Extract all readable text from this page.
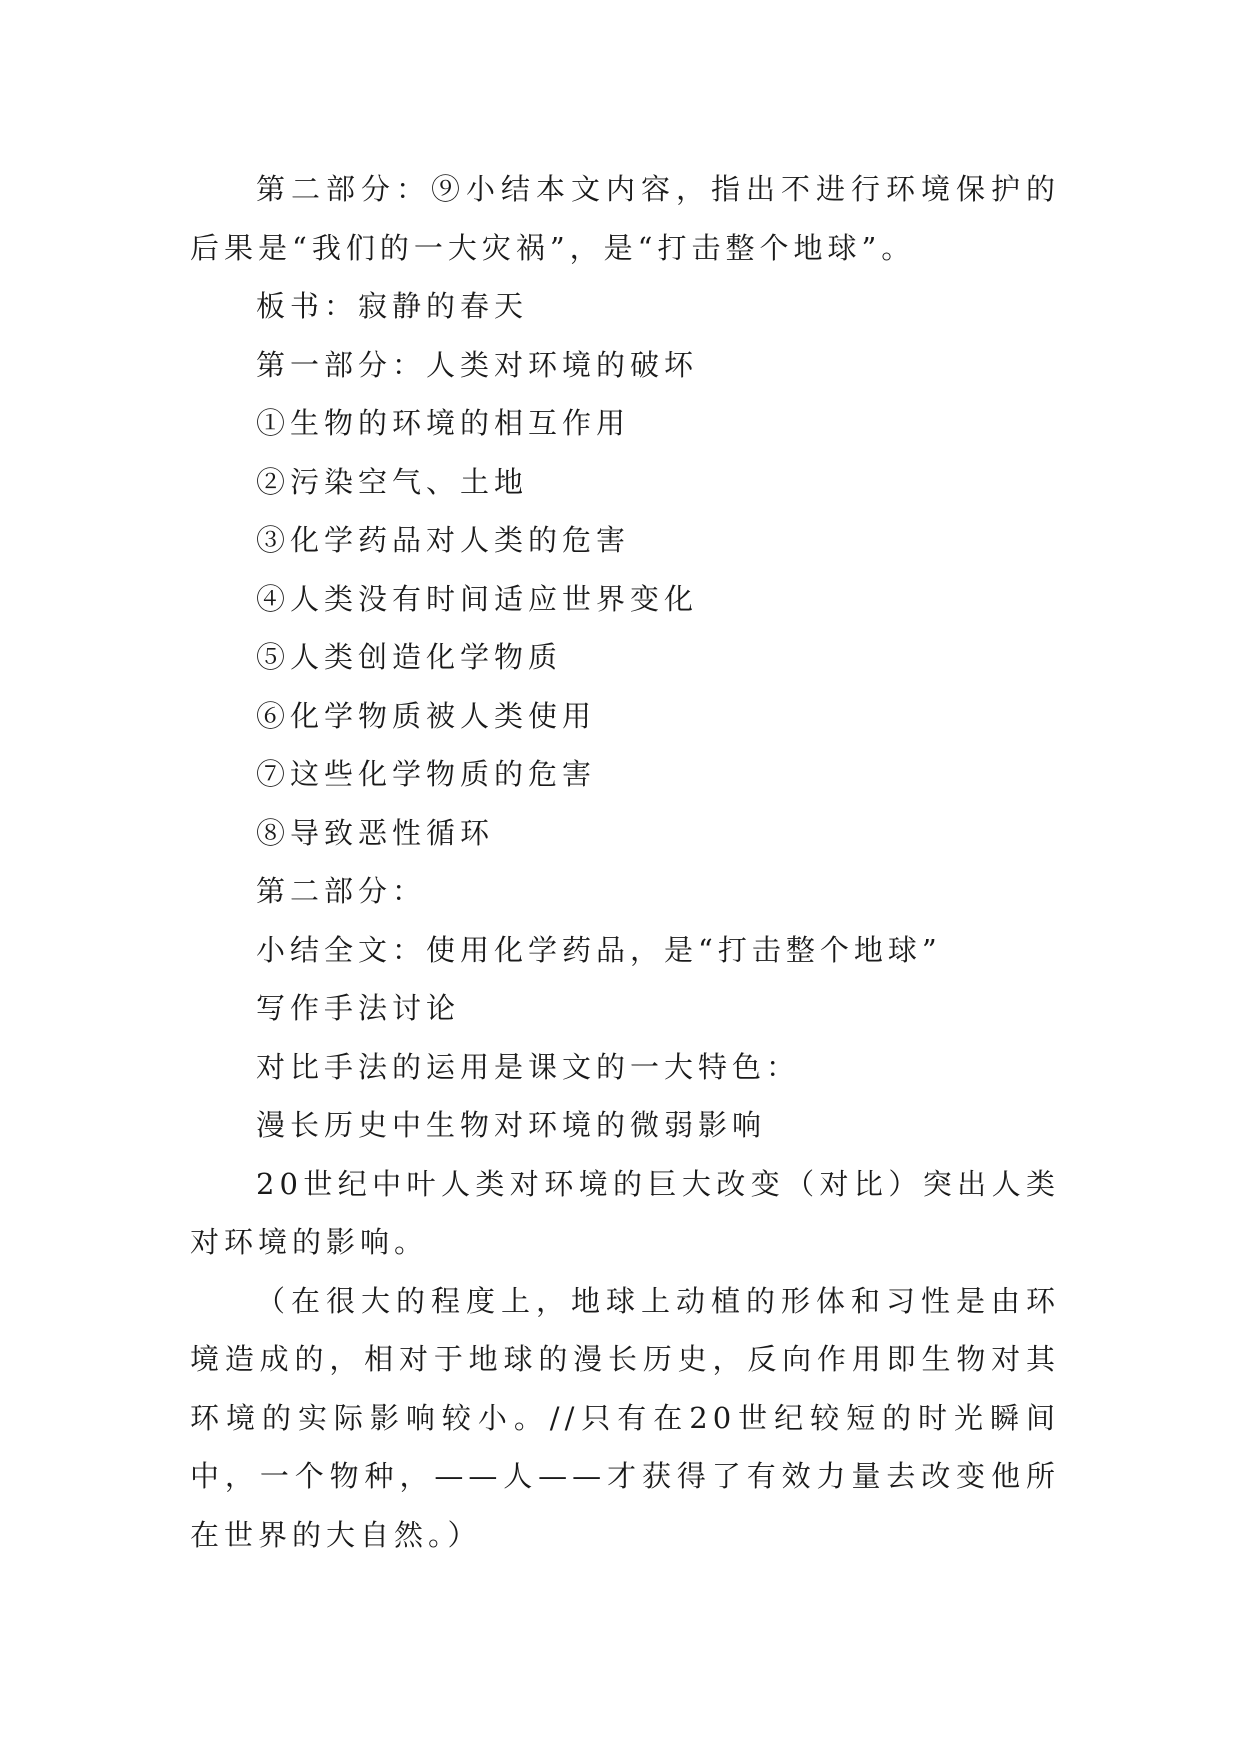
第二部分：⑨小结本文内容，指出不进行环境保护的后果是“我们的一大灾祸”，是“打击整个地球”。

板书：寂静的春天

第一部分：人类对环境的破坏

①生物的环境的相互作用

②污染空气、土地

③化学药品对人类的危害

④人类没有时间适应世界变化

⑤人类创造化学物质

⑥化学物质被人类使用

⑦这些化学物质的危害

⑧导致恶性循环

第二部分：

小结全文：使用化学药品，是“打击整个地球”

写作手法讨论

对比手法的运用是课文的一大特色：

漫长历史中生物对环境的微弱影响

20世纪中叶人类对环境的巨大改变（对比）突出人类对环境的影响。

（在很大的程度上，地球上动植的形体和习性是由环境造成的，相对于地球的漫长历史，反向作用即生物对其环境的实际影响较小。//只有在20世纪较短的时光瞬间中，一个物种，——人——才获得了有效力量去改变他所在世界的大自然。）
